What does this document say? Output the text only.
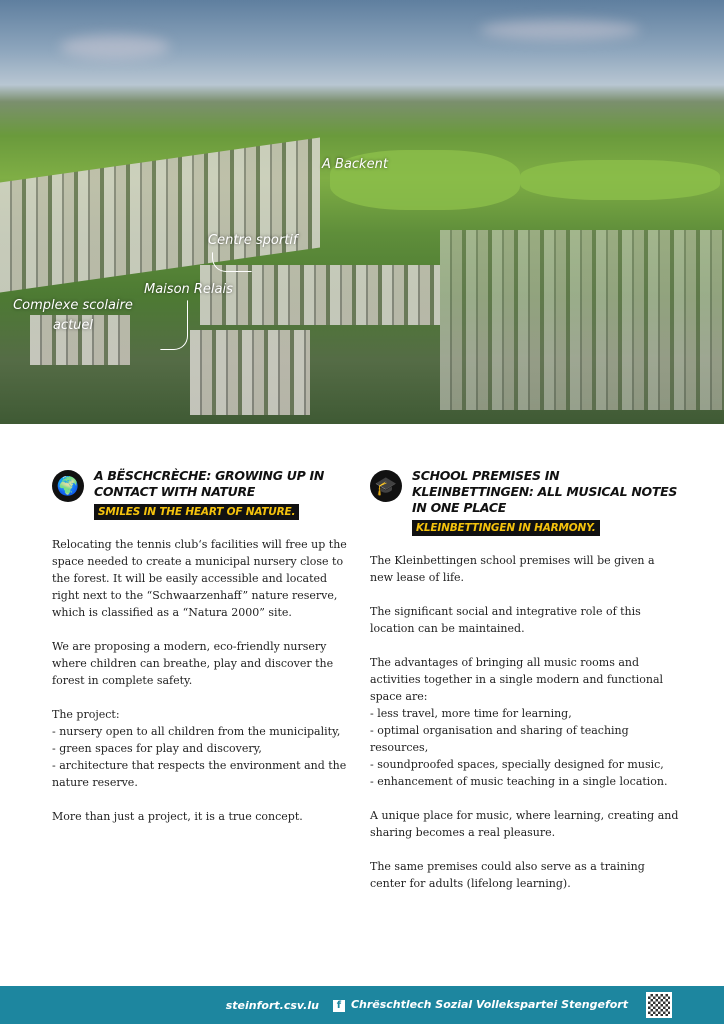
A Backent
Centre sportif
Maison Relais
Complexe scolaire actuel
🌍	A BËSCHCRÈCHE: GROWING UP IN CONTACT WITH NATURE
SMILES IN THE HEART OF NATURE.

Relocating the tennis club‘s facilities will free up the space needed to create a municipal nursery close to the forest. It will be easily accessible and located right next to the “Schwaarzenhaff” nature reserve, which is classified as a “Natura 2000” site.

We are proposing a modern, eco-friendly nursery where children can breathe, play and discover the forest in complete safety.

The project:
- nursery open to all children from the municipality,
- green spaces for play and discovery,
- architecture that respects the environment and the
nature reserve.

More than just a project, it is a true concept.

🎓	SCHOOL PREMISES IN KLEINBETTINGEN: ALL MUSICAL NOTES IN ONE PLACE
KLEINBETTINGEN IN HARMONY.

The Kleinbettingen school premises will be given a new lease of life.

The significant social and integrative role of this location can be maintained.

The advantages of bringing all music rooms and activities together in a single modern and functional space are:
- less travel, more time for learning,
- optimal organisation and sharing of teaching resources,
- soundproofed spaces, specially designed for music,
- enhancement of music teaching in a single location.

A unique place for music, where learning, creating and sharing becomes a real pleasure.

The same premises could also serve as a training center for adults (lifelong learning).

steinfort.csv.lu	f Chrëschtlech Sozial Vollekspartei Stengefort
